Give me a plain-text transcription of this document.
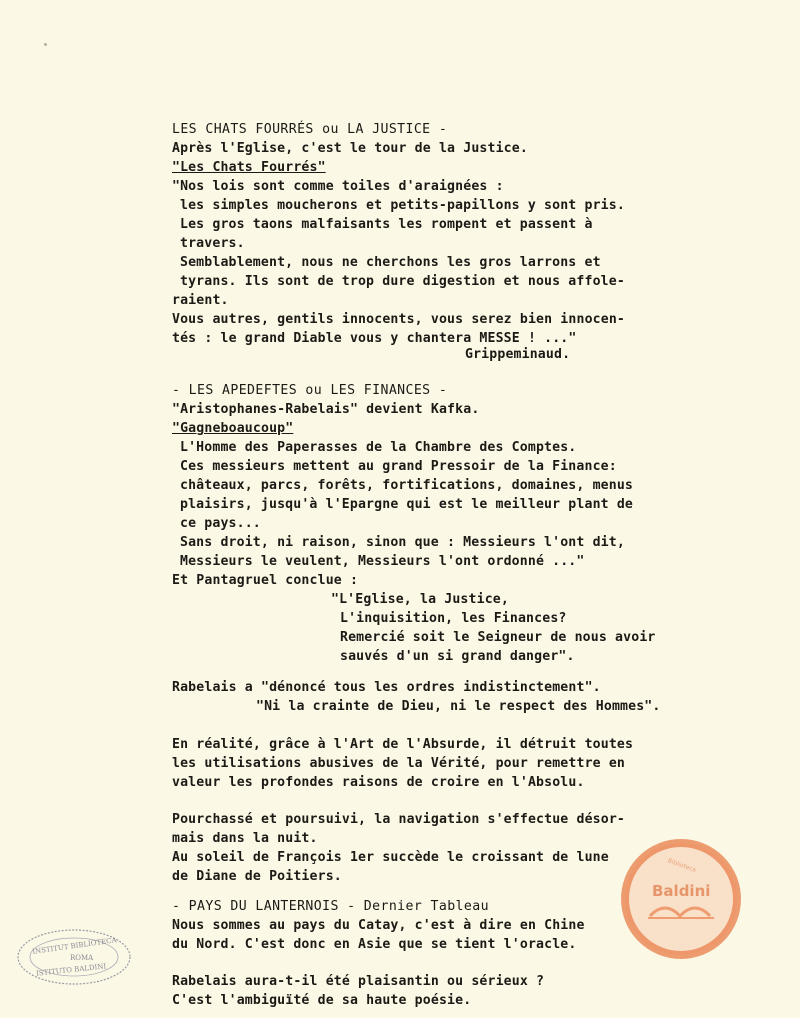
LES CHATS FOURRÉS ou LA JUSTICE -
Après l'Eglise, c'est le tour de la Justice.
"Les Chats Fourrés"
"Nos lois sont comme toiles d'araignées :
les simples moucherons et petits-papillons y sont pris.
Les gros taons malfaisants les rompent et passent à
travers.
Semblablement, nous ne cherchons les gros larrons et
tyrans. Ils sont de trop dure digestion et nous affole-
raient.
Vous autres, gentils innocents, vous serez bien innocen-
tés : le grand Diable vous y chantera MESSE ! ..."
Grippeminaud.
- LES APEDEFTES ou LES FINANCES -
"Aristophanes-Rabelais" devient Kafka.
"Gagneboaucoup"
L'Homme des Paperasses de la Chambre des Comptes.
Ces messieurs mettent au grand Pressoir de la Finance:
châteaux, parcs, forêts, fortifications, domaines, menus
plaisirs, jusqu'à l'Epargne qui est le meilleur plant de
ce pays...
Sans droit, ni raison, sinon que : Messieurs l'ont dit,
Messieurs le veulent, Messieurs l'ont ordonné ..."
Et Pantagruel conclue :
"L'Eglise, la Justice,
L'inquisition, les Finances?
Remercié soit le Seigneur de nous avoir
sauvés d'un si grand danger".
Rabelais a "dénoncé tous les ordres indistinctement".
"Ni la crainte de Dieu, ni le respect des Hommes".
En réalité, grâce à l'Art de l'Absurde, il détruit toutes
les utilisations abusives de la Vérité, pour remettre en
valeur les profondes raisons de croire en l'Absolu.
Pourchassé et poursuivi, la navigation s'effectue désor-
mais dans la nuit.
Au soleil de François 1er succède le croissant de lune
de Diane de Poitiers.
- PAYS DU LANTERNOIS - Dernier Tableau
Nous sommes au pays du Catay, c'est à dire en Chine
du Nord. C'est donc en Asie que se tient l'oracle.
Rabelais aura-t-il été plaisantin ou sérieux ?
C'est l'ambiguïté de sa haute poésie.
INSTITUT BIBLIOTECA
ROMA
ISTITUTO BALDINI
Biblioteca
Baldini
